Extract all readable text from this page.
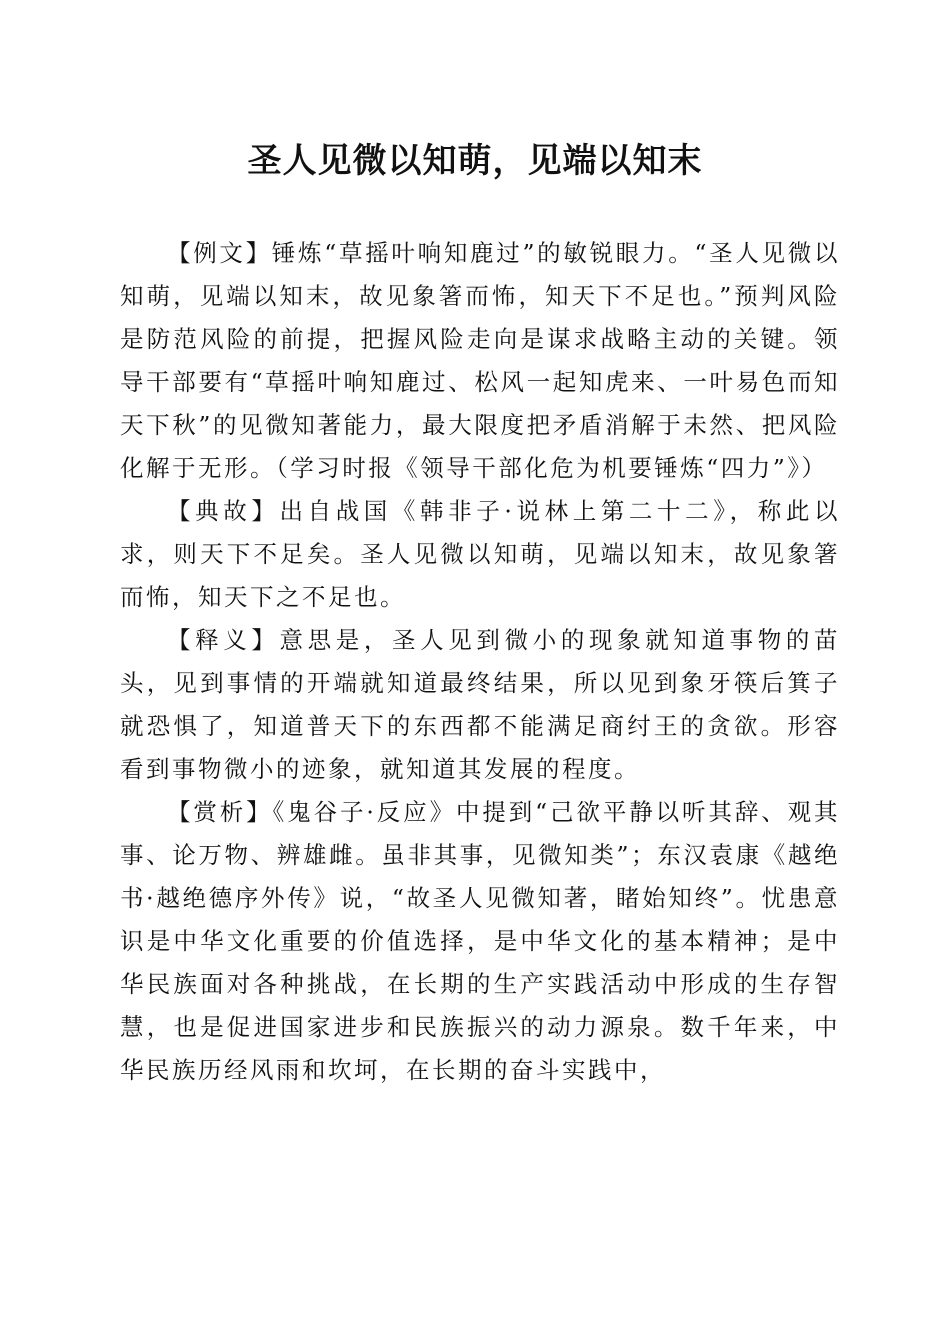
圣人见微以知萌，见端以知末

【例文】锤炼“草摇叶响知鹿过”的敏锐眼力。“圣人见微以知萌，见端以知末，故见象箸而怖，知天下不足也。”预判风险是防范风险的前提，把握风险走向是谋求战略主动的关键。领导干部要有“草摇叶响知鹿过、松风一起知虎来、一叶易色而知天下秋”的见微知著能力，最大限度把矛盾消解于未然、把风险化解于无形。（学习时报《领导干部化危为机要锤炼“四力”》）

【典故】出自战国《韩非子·说林上第二十二》，称此以求，则天下不足矣。圣人见微以知萌，见端以知末，故见象箸而怖，知天下之不足也。

【释义】意思是，圣人见到微小的现象就知道事物的苗头，见到事情的开端就知道最终结果，所以见到象牙筷后箕子就恐惧了，知道普天下的东西都不能满足商纣王的贪欲。形容看到事物微小的迹象，就知道其发展的程度。

【赏析】《鬼谷子·反应》中提到“己欲平静以听其辞、观其事、论万物、辨雄雌。虽非其事，见微知类”；东汉袁康《越绝书·越绝德序外传》说，“故圣人见微知著，睹始知终”。忧患意识是中华文化重要的价值选择，是中华文化的基本精神；是中华民族面对各种挑战，在长期的生产实践活动中形成的生存智慧，也是促进国家进步和民族振兴的动力源泉。数千年来，中华民族历经风雨和坎坷，在长期的奋斗实践中，
